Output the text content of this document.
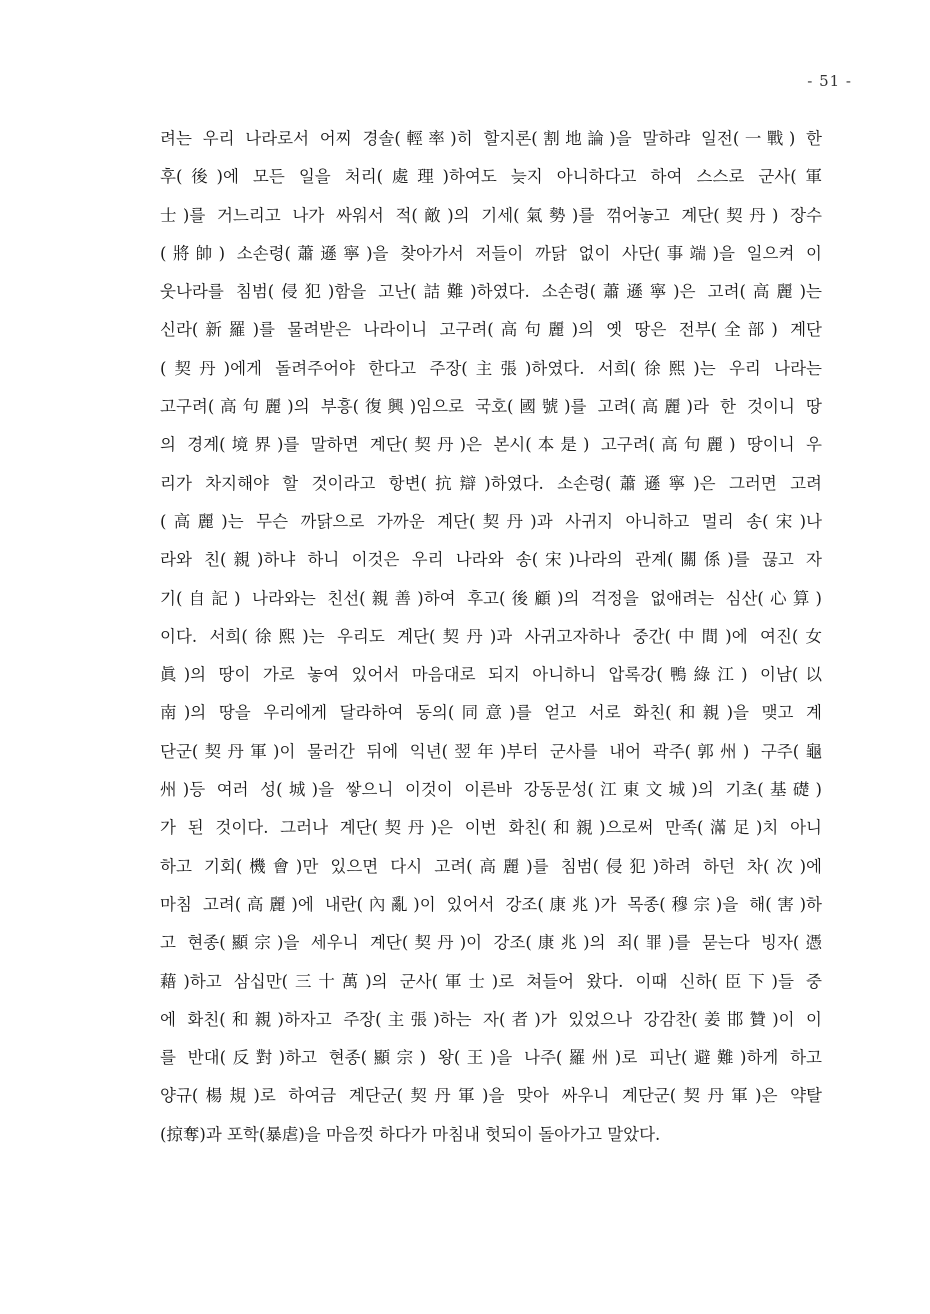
- 51 -
려는 우리 나라로서 어찌 경솔(輕率)히 할지론(割地論)을 말하랴 일전(一戰) 한
후(後)에 모든 일을 처리(處理)하여도 늦지 아니하다고 하여 스스로 군사(軍
士)를 거느리고 나가 싸워서 적(敵)의 기세(氣勢)를 꺾어놓고 계단(契丹) 장수
(將帥) 소손령(蕭遜寧)을 찾아가서 저들이 까닭 없이 사단(事端)을 일으켜 이
웃나라를 침범(侵犯)함을 고난(詰難)하였다. 소손령(蕭遜寧)은 고려(高麗)는
신라(新羅)를 물려받은 나라이니 고구려(高句麗)의 옛 땅은 전부(全部) 계단
(契丹)에게 돌려주어야 한다고 주장(主張)하였다. 서희(徐熙)는 우리 나라는
고구려(高句麗)의 부흥(復興)임으로 국호(國號)를 고려(高麗)라 한 것이니 땅
의 경계(境界)를 말하면 계단(契丹)은 본시(本是) 고구려(高句麗) 땅이니 우
리가 차지해야 할 것이라고 항변(抗辯)하였다. 소손령(蕭遜寧)은 그러면 고려
(高麗)는 무슨 까닭으로 가까운 계단(契丹)과 사귀지 아니하고 멀리 송(宋)나
라와 친(親)하냐 하니 이것은 우리 나라와 송(宋)나라의 관계(關係)를 끊고 자
기(自記) 나라와는 친선(親善)하여 후고(後顧)의 걱정을 없애려는 심산(心算)
이다. 서희(徐熙)는 우리도 계단(契丹)과 사귀고자하나 중간(中間)에 여진(女
眞)의 땅이 가로 놓여 있어서 마음대로 되지 아니하니 압록강(鴨綠江) 이남(以
南)의 땅을 우리에게 달라하여 동의(同意)를 얻고 서로 화친(和親)을 맺고 계
단군(契丹軍)이 물러간 뒤에 익년(翌年)부터 군사를 내어 곽주(郭州) 구주(龜
州)등 여러 성(城)을 쌓으니 이것이 이른바 강동문성(江東文城)의 기초(基礎)
가 된 것이다. 그러나 계단(契丹)은 이번 화친(和親)으로써 만족(滿足)치 아니
하고 기회(機會)만 있으면 다시 고려(高麗)를 침범(侵犯)하려 하던 차(次)에
마침 고려(高麗)에 내란(內亂)이 있어서 강조(康兆)가 목종(穆宗)을 해(害)하
고 현종(顯宗)을 세우니 계단(契丹)이 강조(康兆)의 죄(罪)를 묻는다 빙자(憑
藉)하고 삼십만(三十萬)의 군사(軍士)로 쳐들어 왔다. 이때 신하(臣下)들 중
에 화친(和親)하자고 주장(主張)하는 자(者)가 있었으나 강감찬(姜邯贊)이 이
를 반대(反對)하고 현종(顯宗) 왕(王)을 나주(羅州)로 피난(避難)하게 하고
양규(楊規)로 하여금 계단군(契丹軍)을 맞아 싸우니 계단군(契丹軍)은 약탈
(掠奪)과 포학(暴虐)을 마음껏 하다가 마침내 헛되이 돌아가고 말았다.
